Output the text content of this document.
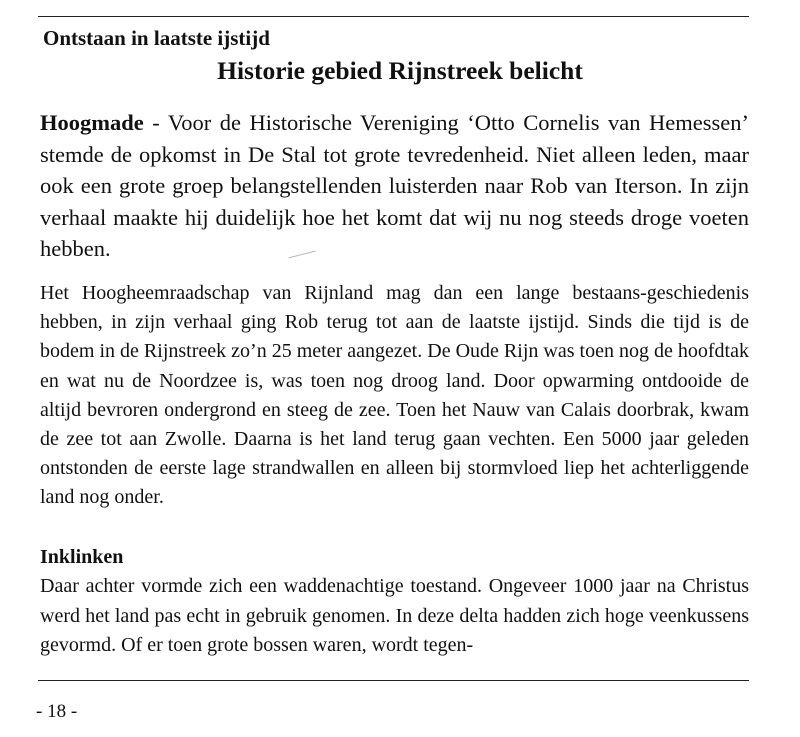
Ontstaan in laatste ijstijd
Historie gebied Rijnstreek belicht

Hoogmade - Voor de Historische Vereniging ‘Otto Cornelis van Hemessen’ stemde de opkomst in De Stal tot grote tevredenheid. Niet alleen leden, maar ook een grote groep belangstellenden luisterden naar Rob van Iterson. In zijn verhaal maakte hij duidelijk hoe het komt dat wij nu nog steeds droge voeten hebben.

Het Hoogheemraadschap van Rijnland mag dan een lange bestaans-geschiedenis hebben, in zijn verhaal ging Rob terug tot aan de laatste ijstijd. Sinds die tijd is de bodem in de Rijnstreek zo’n 25 meter aangezet. De Oude Rijn was toen nog de hoofdtak en wat nu de Noordzee is, was toen nog droog land. Door opwarming ontdooide de altijd bevroren ondergrond en steeg de zee. Toen het Nauw van Calais doorbrak, kwam de zee tot aan Zwolle. Daarna is het land terug gaan vechten. Een 5000 jaar geleden ontstonden de eerste lage strandwallen en alleen bij stormvloed liep het achterliggende land nog onder.

Inklinken

Daar achter vormde zich een waddenachtige toestand. Ongeveer 1000 jaar na Christus werd het land pas echt in gebruik genomen. In deze delta hadden zich hoge veenkussens gevormd. Of er toen grote bossen waren, wordt tegen-

- 18 -
